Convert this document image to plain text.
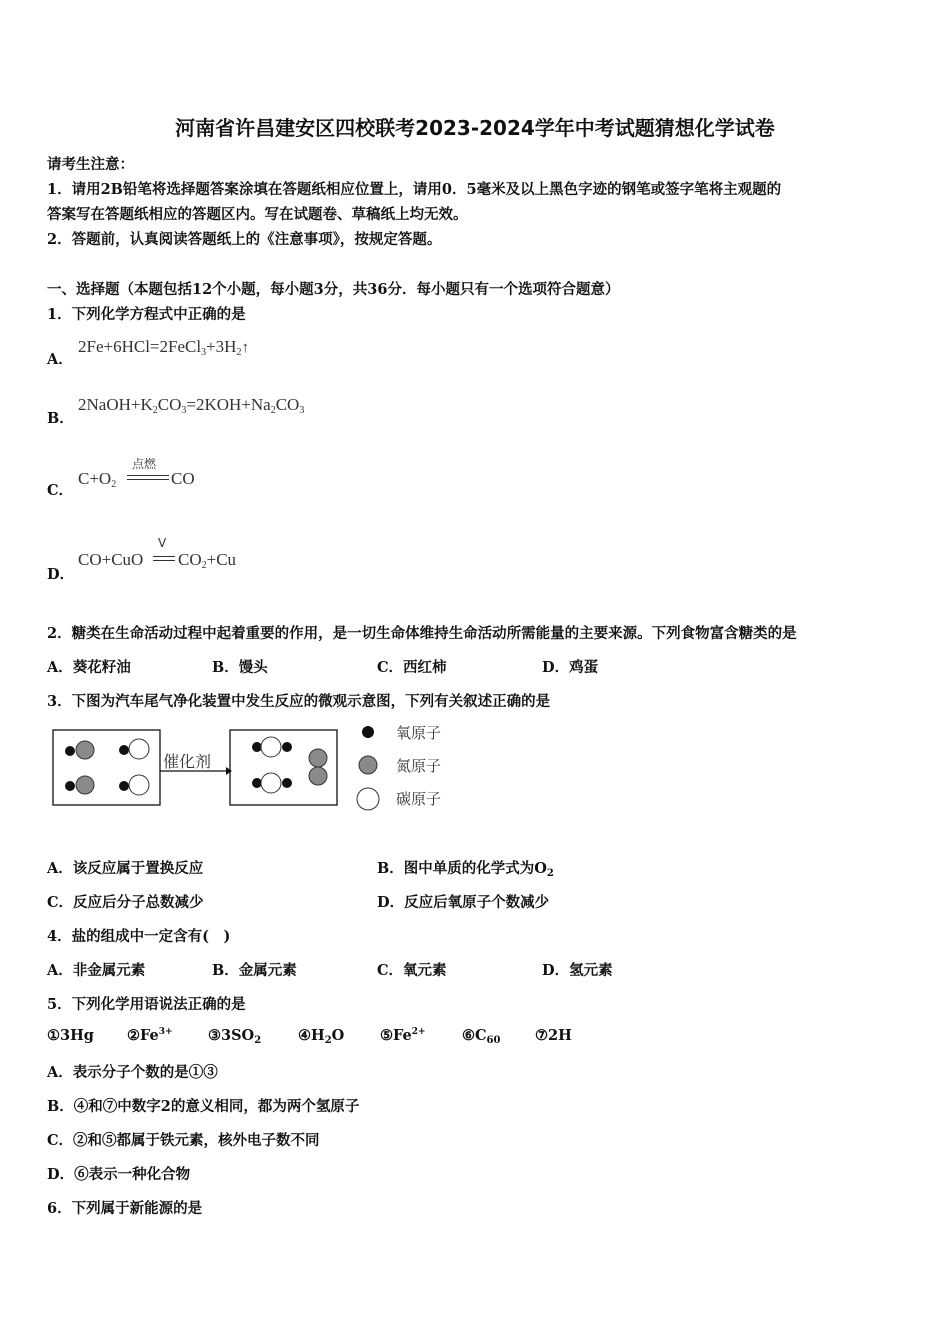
河南省许昌建安区四校联考2023-2024学年中考试题猜想化学试卷
请考生注意：
1．请用2B铅笔将选择题答案涂填在答题纸相应位置上，请用0．5毫米及以上黑色字迹的钢笔或签字笔将主观题的
答案写在答题纸相应的答题区内。写在试题卷、草稿纸上均无效。
2．答题前，认真阅读答题纸上的《注意事项》，按规定答题。
一、选择题（本题包括12个小题，每小题3分，共36分．每小题只有一个选项符合题意）
1．下列化学方程式中正确的是
A．
$2Fe+6HCl=2FeCl_3+3H_2↑$
B．
$2NaOH+K_2CO_3=2KOH+Na_2CO_3$
C．
$C+O_2$
点燃
CO
D．
CO+CuO
V
$CO_2+Cu$
2．糖类在生命活动过程中起着重要的作用，是一切生命体维持生命活动所需能量的主要来源。下列食物富含糖类的是
A．葵花籽油	B．馒头	C．西红柿	D．鸡蛋
3．下图为汽车尾气净化装置中发生反应的微观示意图，下列有关叙述正确的是
催化剂
氧原子
氮原子
碳原子
A．该反应属于置换反应	B．图中单质的化学式为$O_2$
C．反应后分子总数减少	D．反应后氧原子个数减少
4．盐的组成中一定含有(　)
A．非金属元素	B．金属元素	C．氧元素	D．氢元素
5．下列化学用语说法正确的是
①3Hg $②Fe^{3+}$ $③3SO_2$	$④H_2O$ $⑤Fe^{2+}$	$⑥C_{60}$ ⑦2H
A．表示分子个数的是①③
B．④和⑦中数字2的意义相同，都为两个氢原子
C．②和⑤都属于铁元素，核外电子数不同
D．⑥表示一种化合物
6．下列属于新能源的是
